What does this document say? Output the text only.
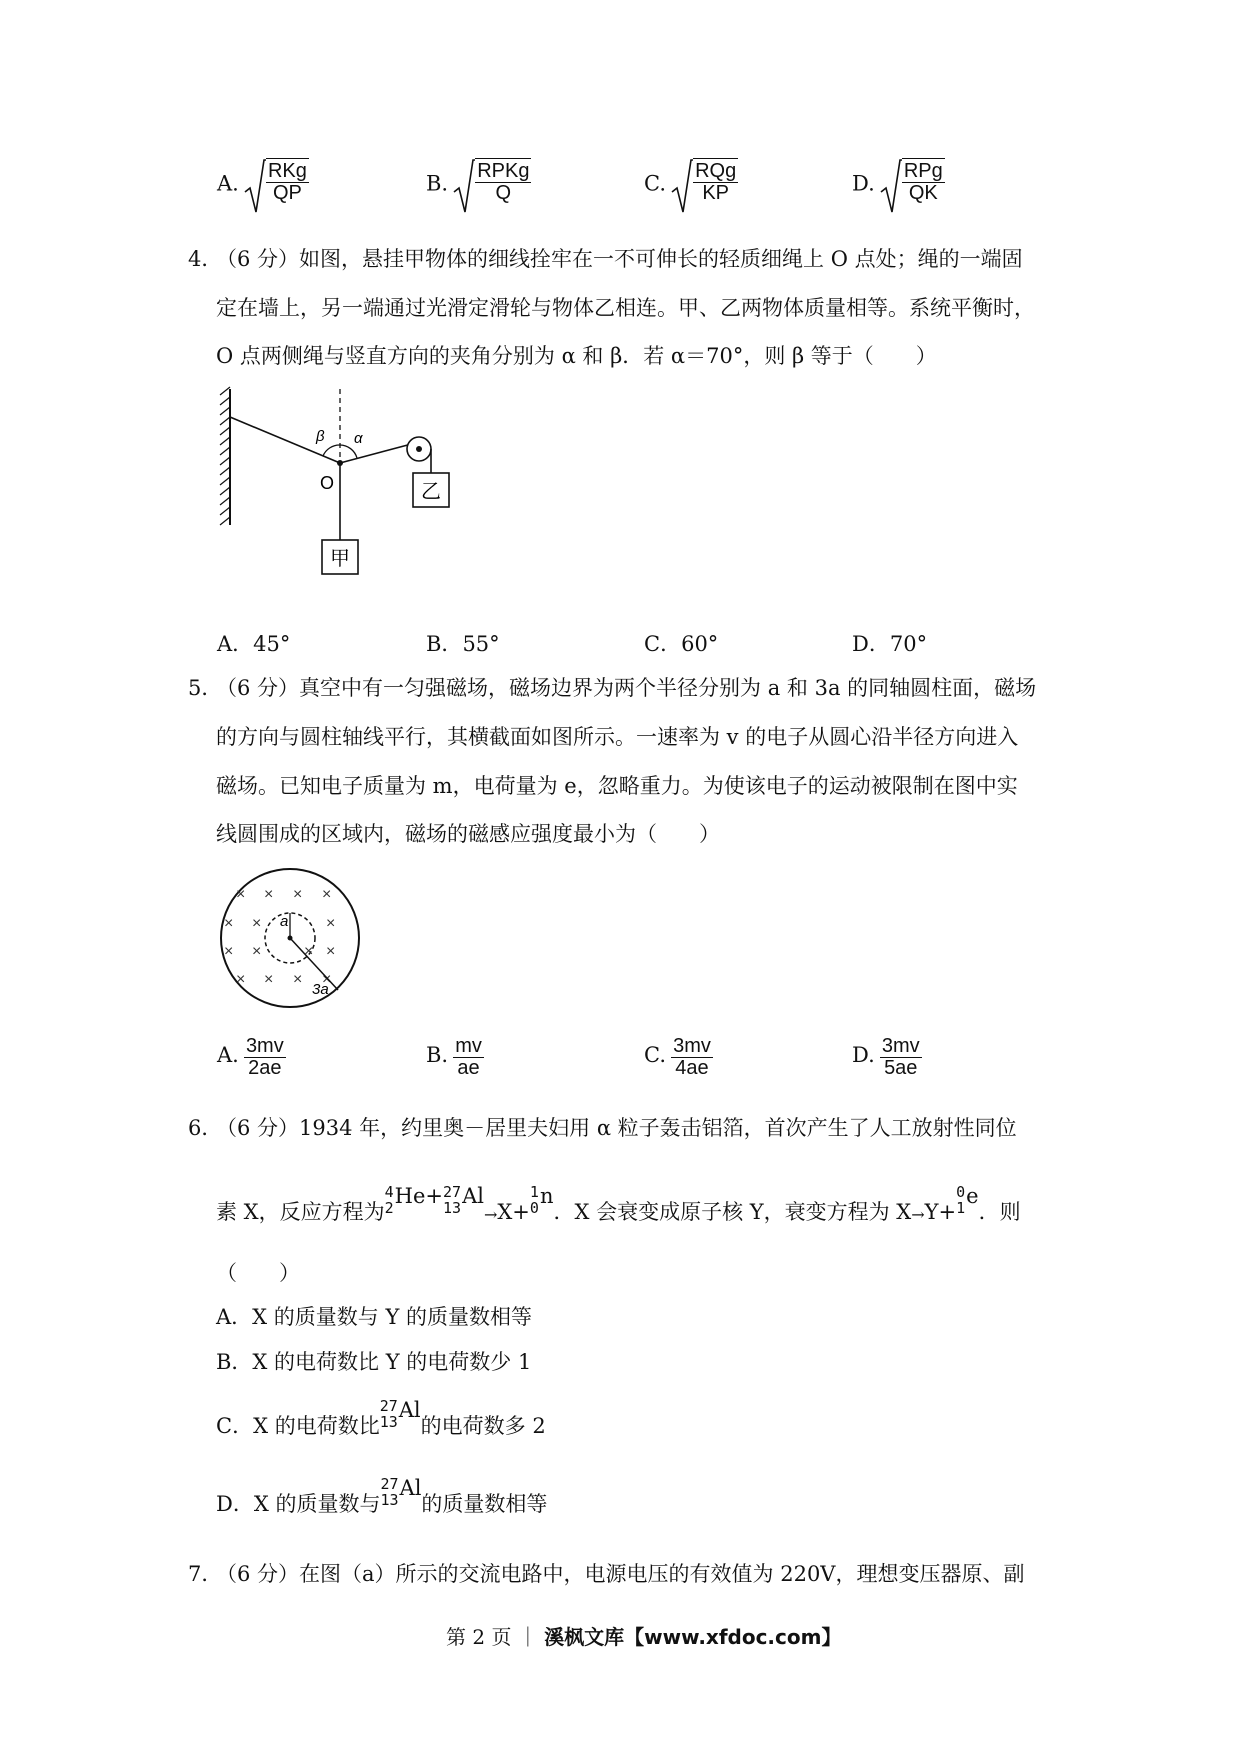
A. $\frac{\text{RKg}}{QP}$	B. $\frac{\text{RPKg}}{Q}$	C. $\frac{\text{RQg}}{KP}$	D. $\frac{\text{RPg}}{QK}$
4．
（6 分）如图，悬挂甲物体的细线拴牢在一不可伸长的轻质细绳上 O 点处；绳的一端固
定在墙上，另一端通过光滑定滑轮与物体乙相连。甲、乙两物体质量相等。系统平衡时，
O 点两侧绳与竖直方向的夹角分别为 α 和 β．若 α＝70°，则 β 等于（　　）
β α
O	乙
甲
A．45°	B．55°	C．60°	D．70°
5．
（6 分）真空中有一匀强磁场，磁场边界为两个半径分别为 a 和 3a 的同轴圆柱面，磁场
的方向与圆柱轴线平行，其横截面如图所示。一速率为 v 的电子从圆心沿半径方向进入
磁场。已知电子质量为 m，电荷量为 e，忽略重力。为使该电子的运动被限制在图中实
线圆围成的区域内，磁场的磁感应强度最小为（　　）
× × × ×
×	×
×	×
× × × ×
×
×
×
a
3a
A. $\frac{3mv}{2ae}$	B. $\frac{mv}{ae}$	C. $\frac{3mv}{4ae}$	D. $\frac{3mv}{5ae}$
6．
（6 分）1934 年，约里奥－居里夫妇用 α 粒子轰击铝箔，首次产生了人工放射性同位
素 X，反应方程为
4
2 He+ 27
13 Al
→ X+
1
0 n
．X 会衰变成原子核 Y，衰变方程为 X → Y+
0
1 e
．则
（　　）
A．X 的质量数与 Y 的质量数相等
B．X 的电荷数比 Y 的电荷数少 1
C．X 的电荷数比
27
13 Al
的电荷数多 2
D．X 的质量数与
27
13 Al
的质量数相等
7．
（6 分）在图（a）所示的交流电路中，电源电压的有效值为 220V，理想变压器原、副
第 2 页 ｜ 溪枫文库【www.xfdoc.com】
